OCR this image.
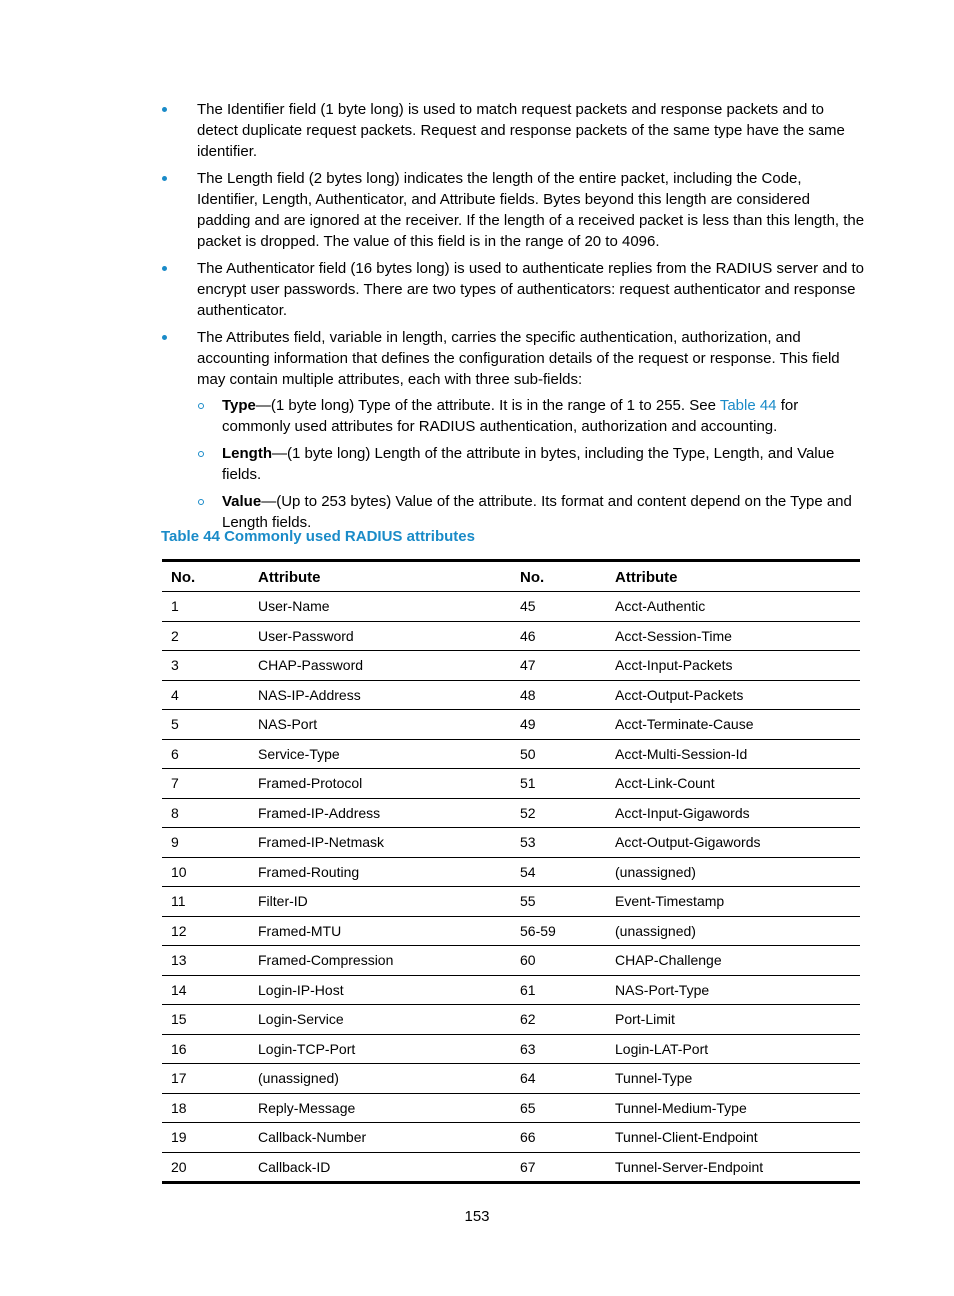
The Identifier field (1 byte long) is used to match request packets and response packets and to detect duplicate request packets. Request and response packets of the same type have the same identifier.
The Length field (2 bytes long) indicates the length of the entire packet, including the Code, Identifier, Length, Authenticator, and Attribute fields. Bytes beyond this length are considered padding and are ignored at the receiver. If the length of a received packet is less than this length, the packet is dropped. The value of this field is in the range of 20 to 4096.
The Authenticator field (16 bytes long) is used to authenticate replies from the RADIUS server and to encrypt user passwords. There are two types of authenticators: request authenticator and response authenticator.
The Attributes field, variable in length, carries the specific authentication, authorization, and accounting information that defines the configuration details of the request or response. This field may contain multiple attributes, each with three sub-fields:
Type—(1 byte long) Type of the attribute. It is in the range of 1 to 255. See Table 44 for commonly used attributes for RADIUS authentication, authorization and accounting.
Length—(1 byte long) Length of the attribute in bytes, including the Type, Length, and Value fields.
Value—(Up to 253 bytes) Value of the attribute. Its format and content depend on the Type and Length fields.
Table 44 Commonly used RADIUS attributes
No.	Attribute	No.	Attribute
1	User-Name	45	Acct-Authentic
2	User-Password	46	Acct-Session-Time
3	CHAP-Password	47	Acct-Input-Packets
4	NAS-IP-Address	48	Acct-Output-Packets
5	NAS-Port	49	Acct-Terminate-Cause
6	Service-Type	50	Acct-Multi-Session-Id
7	Framed-Protocol	51	Acct-Link-Count
8	Framed-IP-Address	52	Acct-Input-Gigawords
9	Framed-IP-Netmask	53	Acct-Output-Gigawords
10	Framed-Routing	54	(unassigned)
11	Filter-ID	55	Event-Timestamp
12	Framed-MTU	56-59	(unassigned)
13	Framed-Compression	60	CHAP-Challenge
14	Login-IP-Host	61	NAS-Port-Type
15	Login-Service	62	Port-Limit
16	Login-TCP-Port	63	Login-LAT-Port
17	(unassigned)	64	Tunnel-Type
18	Reply-Message	65	Tunnel-Medium-Type
19	Callback-Number	66	Tunnel-Client-Endpoint
20	Callback-ID	67	Tunnel-Server-Endpoint
153
